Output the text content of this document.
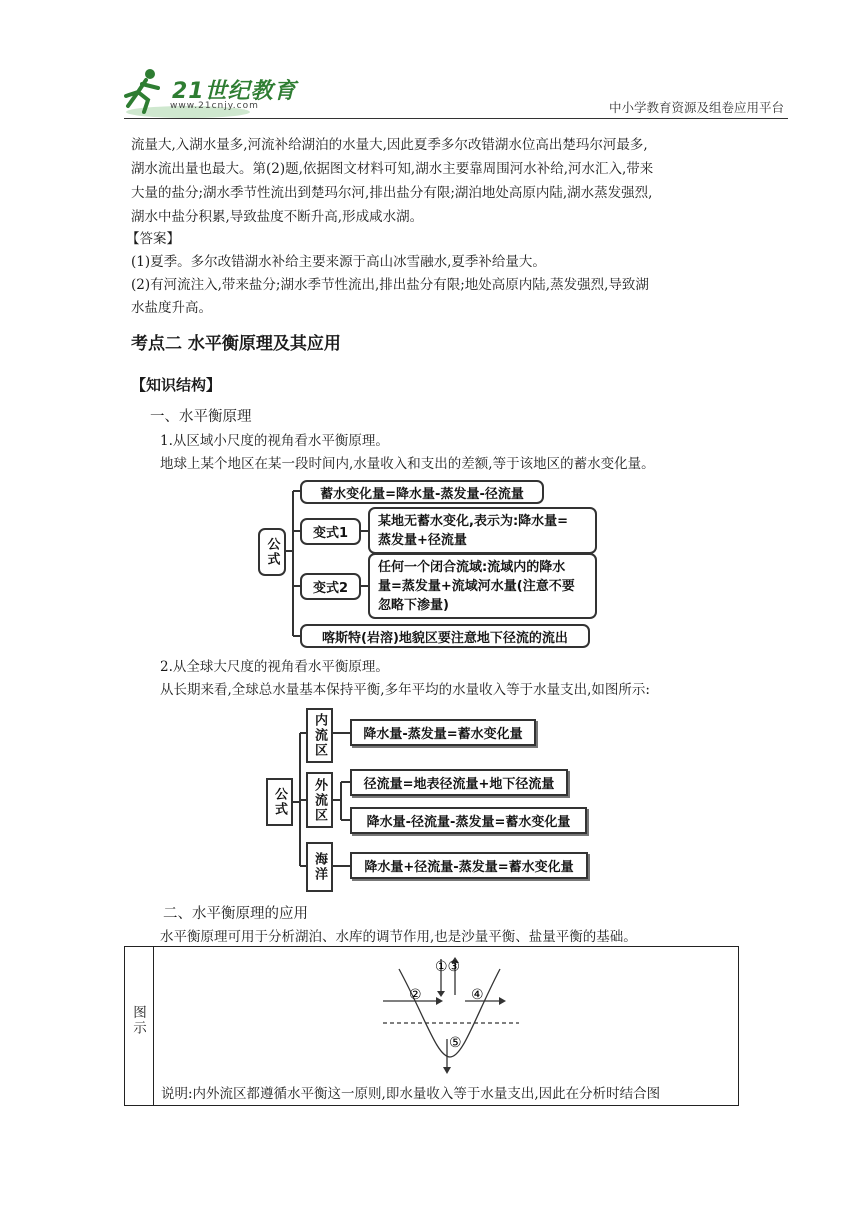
21世纪教育
www.21cnjy.com	中小学教育资源及组卷应用平台
流量大,入湖水量多,河流补给湖泊的水量大,因此夏季多尔改错湖水位高出楚玛尔河最多,
湖水流出量也最大。第(2)题,依据图文材料可知,湖水主要靠周围河水补给,河水汇入,带来
大量的盐分;湖水季节性流出到楚玛尔河,排出盐分有限;湖泊地处高原内陆,湖水蒸发强烈,
湖水中盐分积累,导致盐度不断升高,形成咸水湖。
【答案】
(1)夏季。多尔改错湖水补给主要来源于高山冰雪融水,夏季补给量大。
(2)有河流注入,带来盐分;湖水季节性流出,排出盐分有限;地处高原内陆,蒸发强烈,导致湖
水盐度升高。
考点二 水平衡原理及其应用
【知识结构】
一、水平衡原理
1.从区域小尺度的视角看水平衡原理。
地球上某个地区在某一段时间内,水量收入和支出的差额,等于该地区的蓄水变化量。
公式
蓄水变化量=降水量-蒸发量-径流量
变式1
某地无蓄水变化,表示为:降水量=
蒸发量+径流量
变式2
任何一个闭合流域:流域内的降水
量=蒸发量+流域河水量(注意不要
忽略下渗量)
喀斯特(岩溶)地貌区要注意地下径流的流出
2.从全球大尺度的视角看水平衡原理。
从长期来看,全球总水量基本保持平衡,多年平均的水量收入等于水量支出,如图所示:
公式
内流区	降水量-蒸发量=蓄水变化量
外流区	径流量=地表径流量+地下径流量
降水量-径流量-蒸发量=蓄水变化量
海洋	降水量+径流量-蒸发量=蓄水变化量
二、水平衡原理的应用
水平衡原理可用于分析湖泊、水库的调节作用,也是沙量平衡、盐量平衡的基础。
图示
①③
②	④
⑤
说明:内外流区都遵循水平衡这一原则,即水量收入等于水量支出,因此在分析时结合图
